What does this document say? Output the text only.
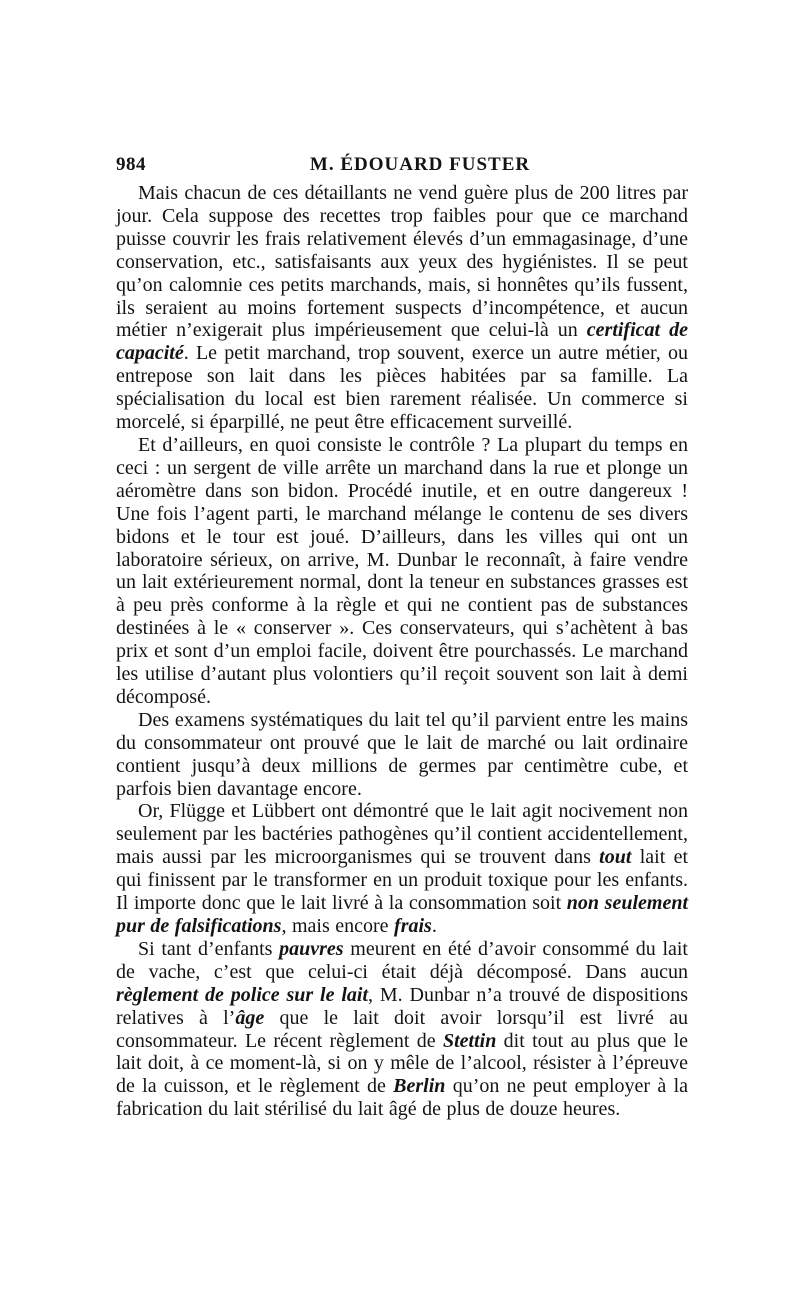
984	M. ÉDOUARD FUSTER

Mais chacun de ces détaillants ne vend guère plus de 200 litres par jour. Cela suppose des recettes trop faibles pour que ce marchand puisse couvrir les frais relativement élevés d’un emmagasinage, d’une conservation, etc., satisfaisants aux yeux des hygiénistes. Il se peut qu’on calomnie ces petits marchands, mais, si honnêtes qu’ils fussent, ils seraient au moins fortement suspects d’incompétence, et aucun métier n’exigerait plus impérieusement que celui-là un certificat de capacité. Le petit marchand, trop souvent, exerce un autre métier, ou entrepose son lait dans les pièces habitées par sa famille. La spécialisation du local est bien rarement réalisée. Un commerce si morcelé, si éparpillé, ne peut être efficacement surveillé.

Et d’ailleurs, en quoi consiste le contrôle ? La plupart du temps en ceci : un sergent de ville arrête un marchand dans la rue et plonge un aéromètre dans son bidon. Procédé inutile, et en outre dangereux ! Une fois l’agent parti, le marchand mélange le contenu de ses divers bidons et le tour est joué. D’ailleurs, dans les villes qui ont un laboratoire sérieux, on arrive, M. Dunbar le reconnaît, à faire vendre un lait extérieurement normal, dont la teneur en substances grasses est à peu près conforme à la règle et qui ne contient pas de substances destinées à le « conserver ». Ces conservateurs, qui s’achètent à bas prix et sont d’un emploi facile, doivent être pourchassés. Le marchand les utilise d’autant plus volontiers qu’il reçoit souvent son lait à demi décomposé.

Des examens systématiques du lait tel qu’il parvient entre les mains du consommateur ont prouvé que le lait de marché ou lait ordinaire contient jusqu’à deux millions de germes par centimètre cube, et parfois bien davantage encore.

Or, Flügge et Lübbert ont démontré que le lait agit nocivement non seulement par les bactéries pathogènes qu’il contient accidentellement, mais aussi par les microorganismes qui se trouvent dans tout lait et qui finissent par le transformer en un produit toxique pour les enfants. Il importe donc que le lait livré à la consommation soit non seulement pur de falsifications, mais encore frais.

Si tant d’enfants pauvres meurent en été d’avoir consommé du lait de vache, c’est que celui-ci était déjà décomposé. Dans aucun règlement de police sur le lait, M. Dunbar n’a trouvé de dispositions relatives à l’âge que le lait doit avoir lorsqu’il est livré au consommateur. Le récent règlement de Stettin dit tout au plus que le lait doit, à ce moment-là, si on y mêle de l’alcool, résister à l’épreuve de la cuisson, et le règlement de Berlin qu’on ne peut employer à la fabrication du lait stérilisé du lait âgé de plus de douze heures.
